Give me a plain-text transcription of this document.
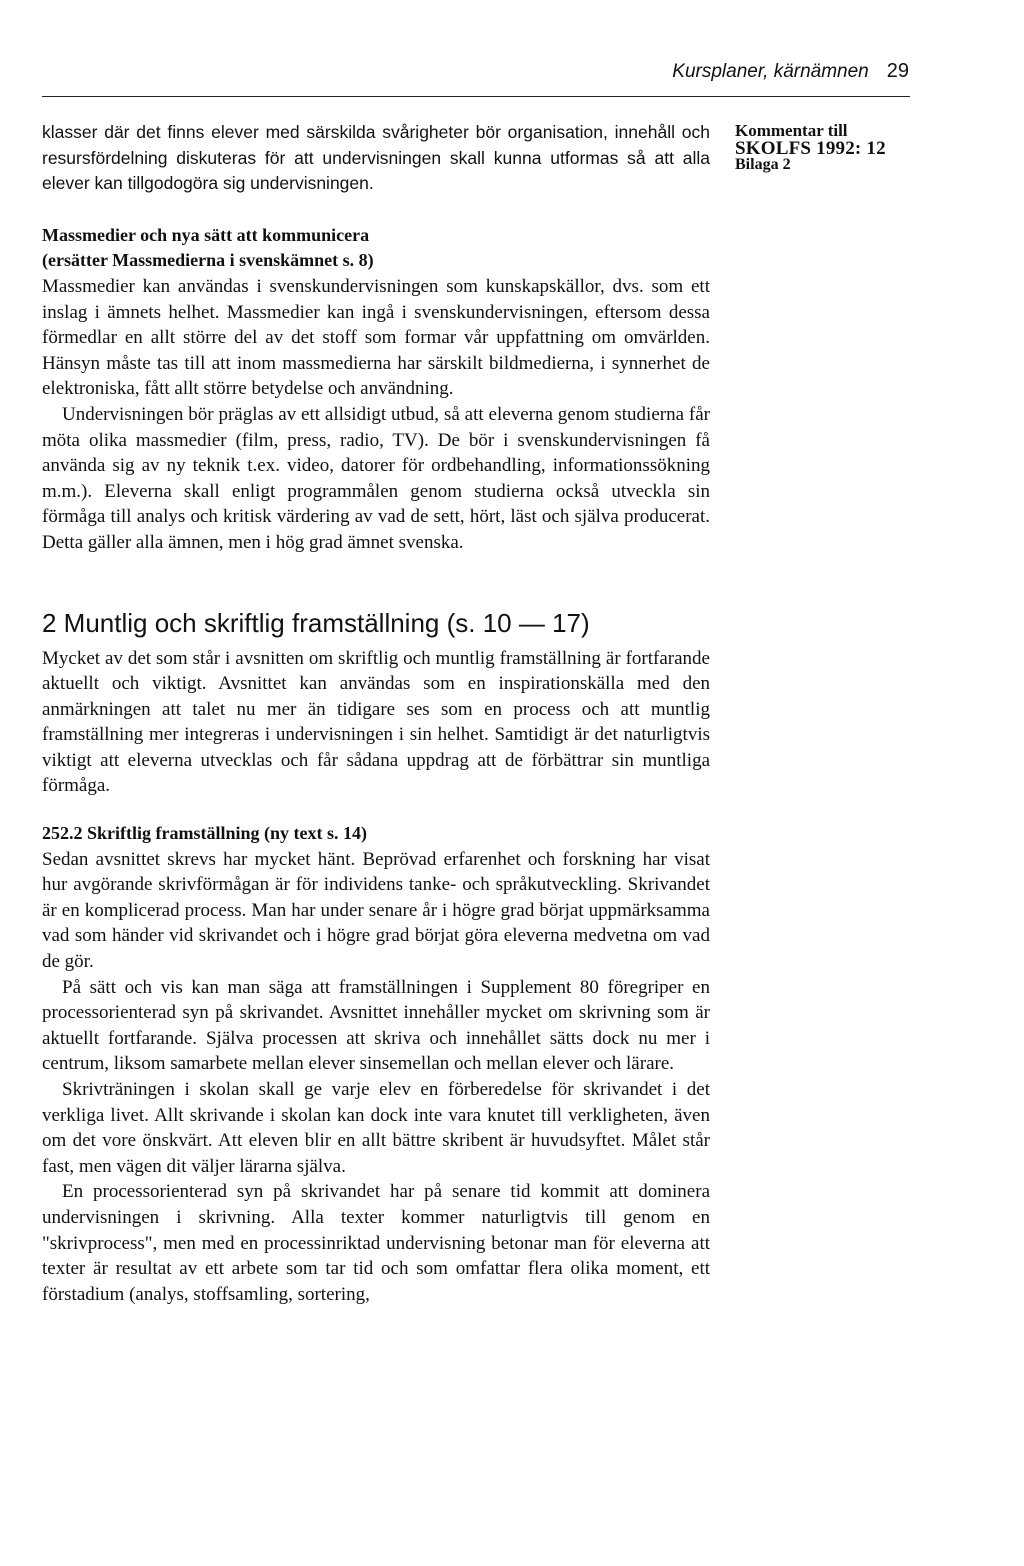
Kursplaner, kärnämnen 29
Kommentar till
SKOLFS 1992: 12
Bilaga 2

klasser där det finns elever med särskilda svårigheter bör organisation, innehåll och resursfördelning diskuteras för att undervisningen skall kunna utformas så att alla elever kan tillgodogöra sig undervisningen.

Massmedier och nya sätt att kommunicera
(ersätter Massmedierna i svenskämnet s. 8)

Massmedier kan användas i svenskundervisningen som kunskapskällor, dvs. som ett inslag i ämnets helhet. Massmedier kan ingå i svenskundervisningen, eftersom dessa förmedlar en allt större del av det stoff som formar vår uppfattning om omvärlden. Hänsyn måste tas till att inom massmedierna har särskilt bildmedierna, i synnerhet de elektroniska, fått allt större betydelse och användning.

Undervisningen bör präglas av ett allsidigt utbud, så att eleverna genom studierna får möta olika massmedier (film, press, radio, TV). De bör i svenskundervisningen få använda sig av ny teknik t.ex. video, datorer för ordbehandling, informationssökning m.m.). Eleverna skall enligt programmålen genom studierna också utveckla sin förmåga till analys och kritisk värdering av vad de sett, hört, läst och själva producerat. Detta gäller alla ämnen, men i hög grad ämnet svenska.

2 Muntlig och skriftlig framställning (s. 10 — 17)

Mycket av det som står i avsnitten om skriftlig och muntlig framställning är fortfarande aktuellt och viktigt. Avsnittet kan användas som en inspirationskälla med den anmärkningen att talet nu mer än tidigare ses som en process och att muntlig framställning mer integreras i undervisningen i sin helhet. Samtidigt är det naturligtvis viktigt att eleverna utvecklas och får sådana uppdrag att de förbättrar sin muntliga förmåga.

252.2 Skriftlig framställning (ny text s. 14)

Sedan avsnittet skrevs har mycket hänt. Beprövad erfarenhet och forskning har visat hur avgörande skrivförmågan är för individens tanke- och språkutveckling. Skrivandet är en komplicerad process. Man har under senare år i högre grad börjat uppmärksamma vad som händer vid skrivandet och i högre grad börjat göra eleverna medvetna om vad de gör.

På sätt och vis kan man säga att framställningen i Supplement 80 föregriper en processorienterad syn på skrivandet. Avsnittet innehåller mycket om skrivning som är aktuellt fortfarande. Själva processen att skriva och innehållet sätts dock nu mer i centrum, liksom samarbete mellan elever sinsemellan och mellan elever och lärare.

Skrivträningen i skolan skall ge varje elev en förberedelse för skrivandet i det verkliga livet. Allt skrivande i skolan kan dock inte vara knutet till verkligheten, även om det vore önskvärt. Att eleven blir en allt bättre skribent är huvudsyftet. Målet står fast, men vägen dit väljer lärarna själva.

En processorienterad syn på skrivandet har på senare tid kommit att dominera undervisningen i skrivning. Alla texter kommer naturligtvis till genom en "skrivprocess", men med en processinriktad undervisning betonar man för eleverna att texter är resultat av ett arbete som tar tid och som omfattar flera olika moment, ett förstadium (analys, stoffsamling, sortering,
